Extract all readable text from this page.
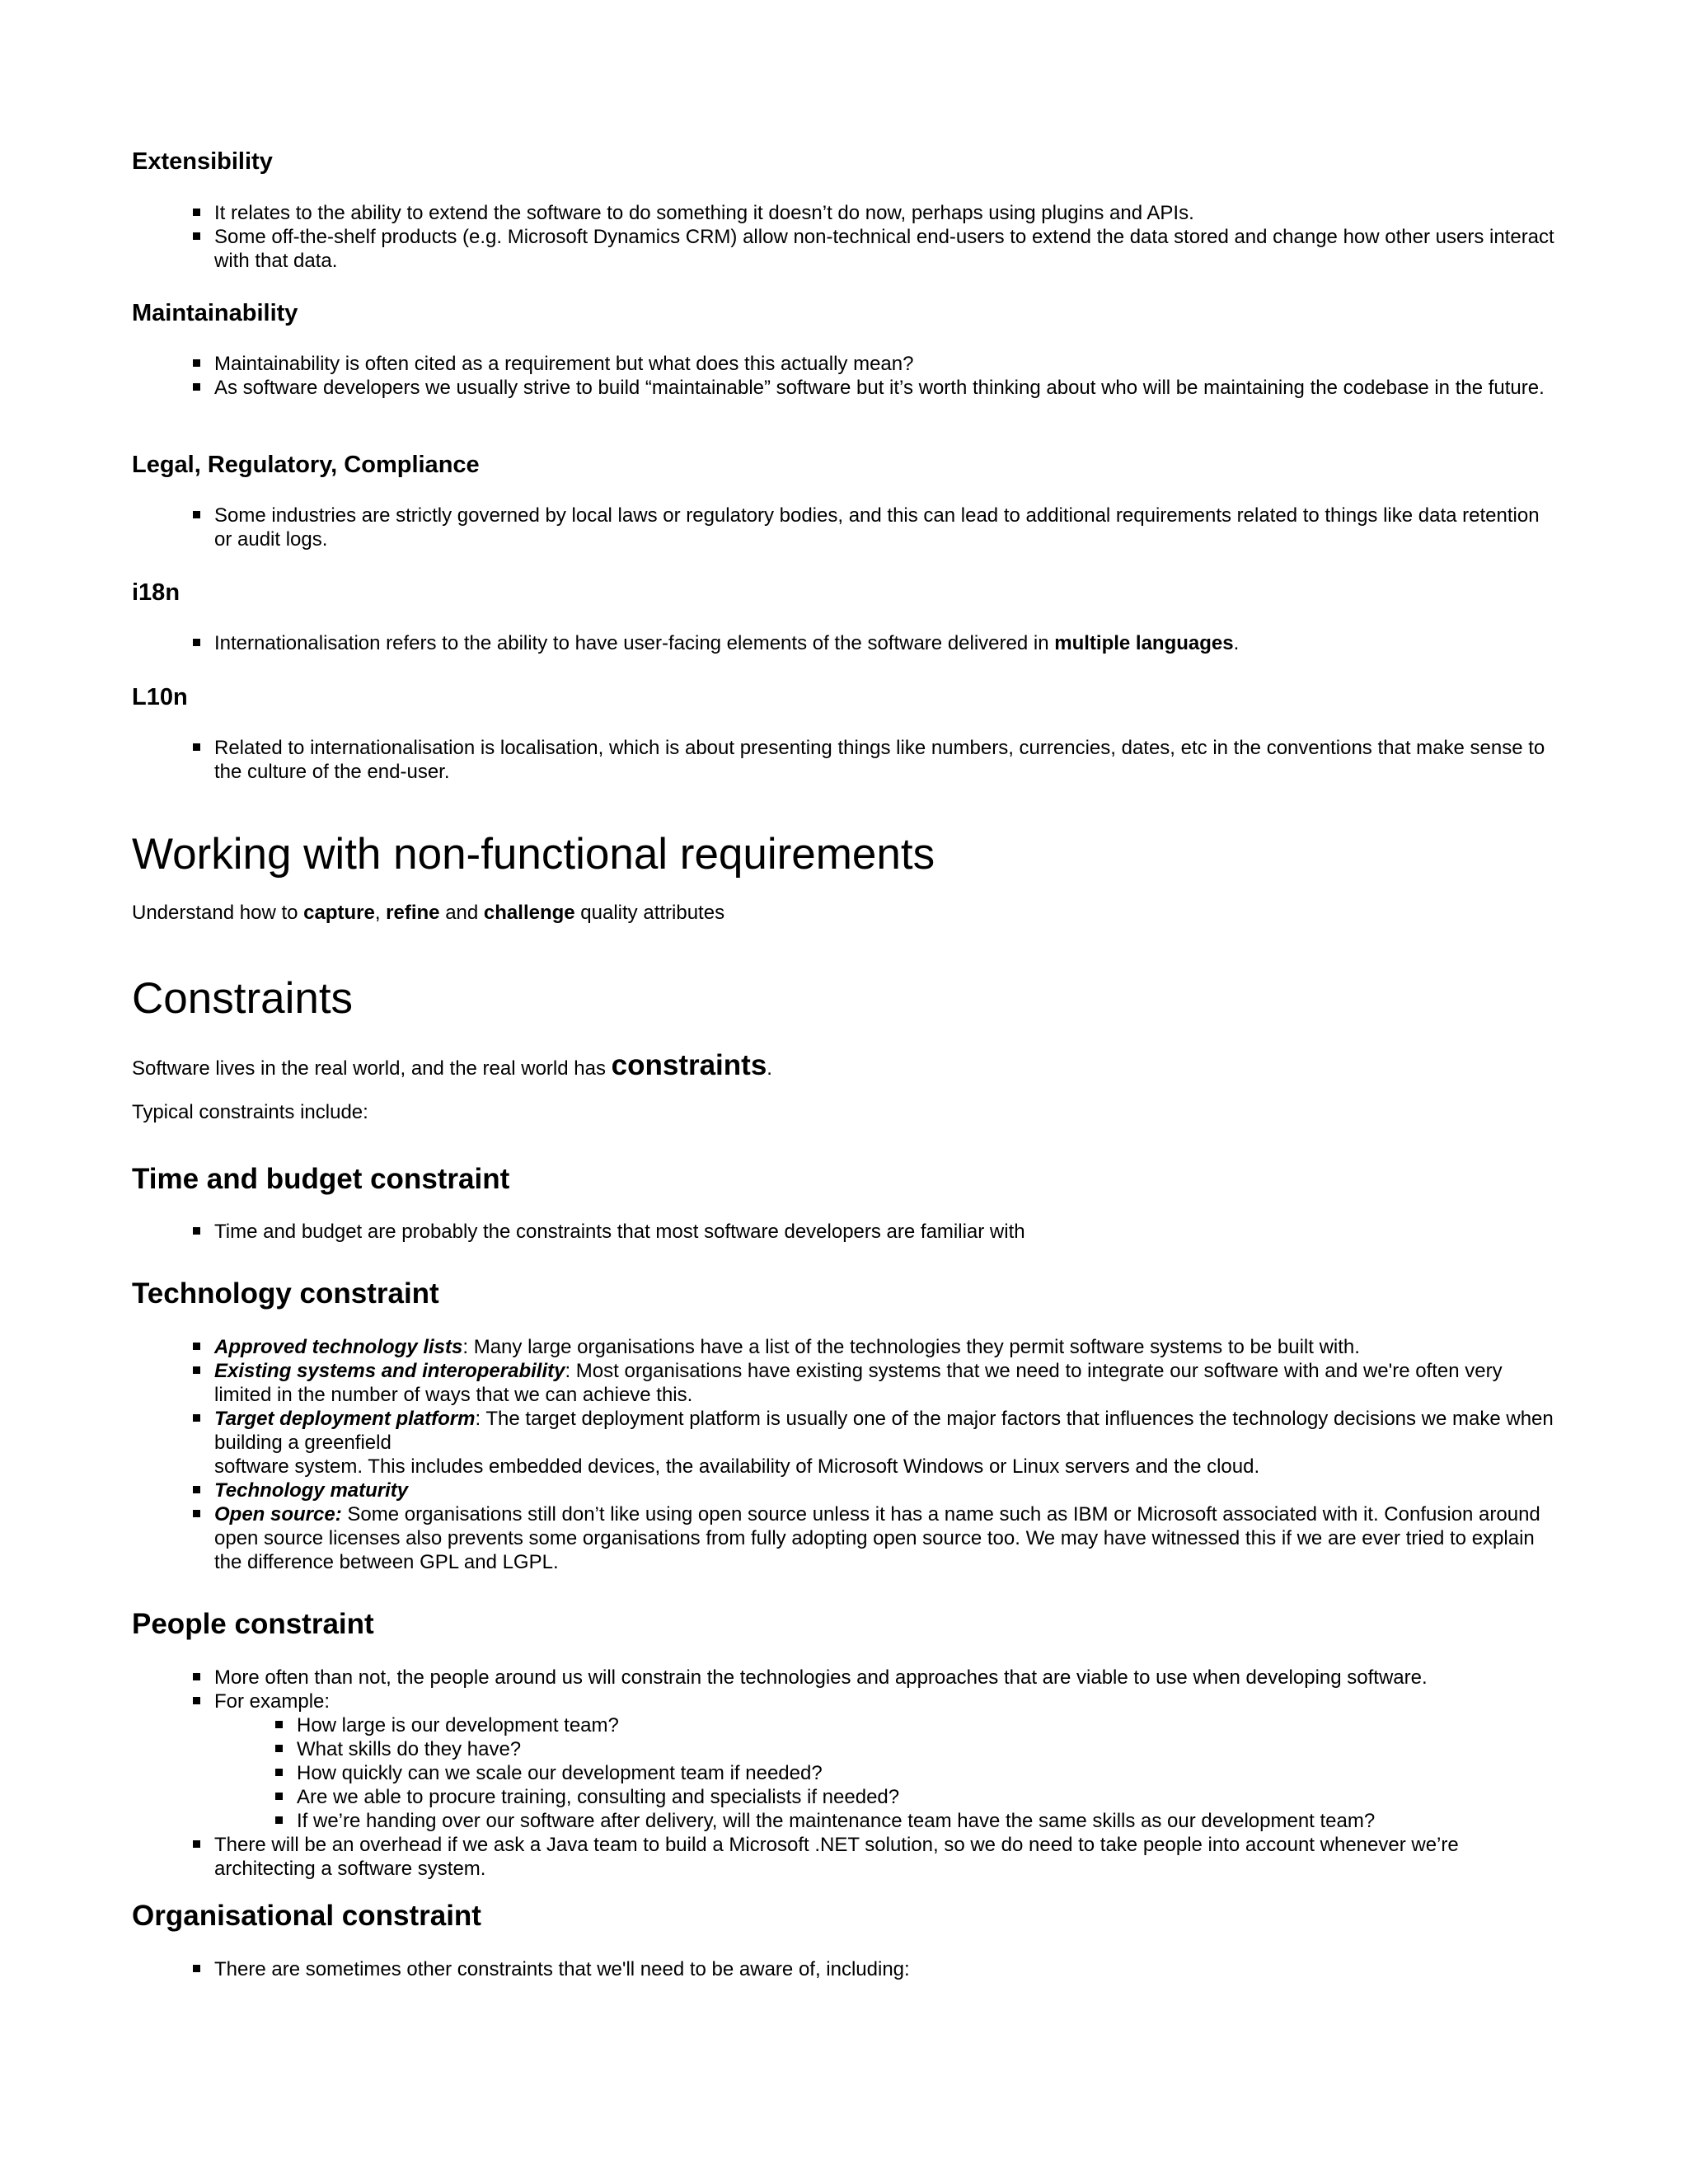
Extensibility
It relates to the ability to extend the software to do something it doesn’t do now, perhaps using plugins and APIs.
Some off-the-shelf products (e.g. Microsoft Dynamics CRM) allow non-technical end-users to extend the data stored and change how other users interact with that data.
Maintainability
Maintainability is often cited as a requirement but what does this actually mean?
As software developers we usually strive to build “maintainable” software but it’s worth thinking about who will be maintaining the codebase in the future.
Legal, Regulatory, Compliance
Some industries are strictly governed by local laws or regulatory bodies, and this can lead to additional requirements related to things like data retention or audit logs.
i18n
Internationalisation refers to the ability to have user-facing elements of the software delivered in multiple languages.
L10n
Related to internationalisation is localisation, which is about presenting things like numbers, currencies, dates, etc in the conventions that make sense to the culture of the end-user.
Working with non-functional requirements

Understand how to capture, refine and challenge quality attributes

Constraints

Software lives in the real world, and the real world has constraints.

Typical constraints include:

Time and budget constraint
Time and budget are probably the constraints that most software developers are familiar with
Technology constraint
Approved technology lists: Many large organisations have a list of the technologies they permit software systems to be built with.
Existing systems and interoperability: Most organisations have existing systems that we need to integrate our software with and we're often very limited in the number of ways that we can achieve this.
Target deployment platform: The target deployment platform is usually one of the major factors that influences the technology decisions we make when building a greenfield
software system. This includes embedded devices, the availability of Microsoft Windows or Linux servers and the cloud.
Technology maturity
Open source: Some organisations still don’t like using open source unless it has a name such as IBM or Microsoft associated with it. Confusion around open source licenses also prevents some organisations from fully adopting open source too. We may have witnessed this if we are ever tried to explain the difference between GPL and LGPL.
People constraint
More often than not, the people around us will constrain the technologies and approaches that are viable to use when developing software.
For example:
How large is our development team?
What skills do they have?
How quickly can we scale our development team if needed?
Are we able to procure training, consulting and specialists if needed?
If we’re handing over our software after delivery, will the maintenance team have the same skills as our development team?
There will be an overhead if we ask a Java team to build a Microsoft .NET solution, so we do need to take people into account whenever we’re architecting a software system.
Organisational constraint
There are sometimes other constraints that we'll need to be aware of, including:
